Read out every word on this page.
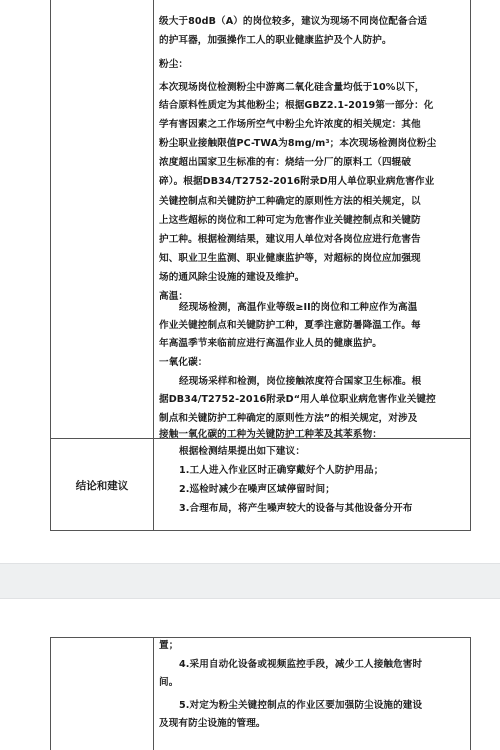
级大于80dB（A）的岗位较多，建议为现场不同岗位配备合适
的护耳器，加强操作工人的职业健康监护及个人防护。
粉尘：
本次现场岗位检测粉尘中游离二氧化硅含量均低于10%以下，
结合原料性质定为其他粉尘；根据GBZ2.1-2019第一部分：化
学有害因素之工作场所空气中粉尘允许浓度的相关规定：其他
粉尘职业接触限值PC-TWA为8mg/m³；本次现场检测岗位粉尘
浓度超出国家卫生标准的有：烧结一分厂的原料工（四辊破
碎）。根据DB34/T2752-2016附录D用人单位职业病危害作业
关键控制点和关键防护工种确定的原则性方法的相关规定，以
上这些超标的岗位和工种可定为危害作业关键控制点和关键防
护工种。根据检测结果，建议用人单位对各岗位应进行危害告
知、职业卫生监测、职业健康监护等，对超标的岗位应加强现
场的通风除尘设施的建设及维护。
高温：
经现场检测，高温作业等级≥II的岗位和工种应作为高温
作业关键控制点和关键防护工种，夏季注意防暑降温工作。每
年高温季节来临前应进行高温作业人员的健康监护。
一氧化碳：
经现场采样和检测，岗位接触浓度符合国家卫生标准。根
据DB34/T2752-2016附录D“用人单位职业病危害作业关键控
制点和关键防护工种确定的原则性方法”的相关规定，对涉及
接触一氧化碳的工种为关键防护工种苯及其苯系物：
结论和建议
根据检测结果提出如下建议：
1.工人进入作业区时正确穿戴好个人防护用品；
2.巡检时减少在噪声区域停留时间；
3.合理布局，将产生噪声较大的设备与其他设备分开布
置；
4.采用自动化设备或视频监控手段，减少工人接触危害时
间。
5.对定为粉尘关键控制点的作业区要加强防尘设施的建设
及现有防尘设施的管理。
